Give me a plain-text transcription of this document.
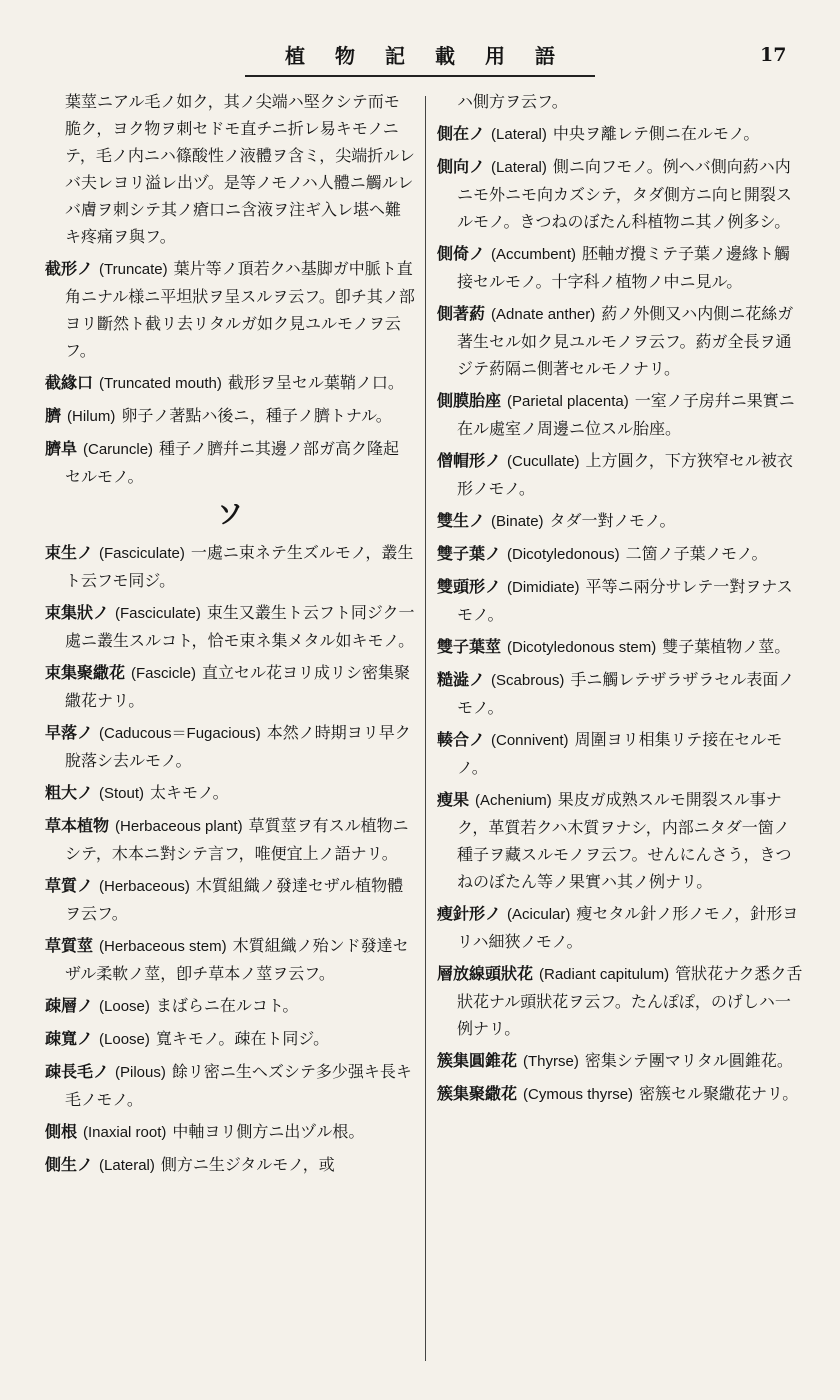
植物記載用語	17

葉莖ニアル毛ノ如ク，其ノ尖端ハ堅クシテ而モ脆ク，ヨク物ヲ刺セドモ直チニ折レ易キモノニテ，毛ノ内ニハ篠酸性ノ液體ヲ含ミ，尖端折ルレバ夫レヨリ溢レ出ヅ。是等ノモノハ人體ニ觸ルレバ膚ヲ刺シテ其ノ瘡口ニ含液ヲ注ギ入レ堪ヘ難キ疼痛ヲ與フ。

截形ノ (Truncate) 葉片等ノ頂若クハ基脚ガ中脈ト直角ニナル様ニ平坦狀ヲ呈スルヲ云フ。卽チ其ノ部ヨリ斷然ト截リ去リタルガ如ク見ユルモノヲ云フ。

截緣口 (Truncated mouth) 截形ヲ呈セル葉鞘ノ口。

臍 (Hilum) 卵子ノ著點ハ後ニ，種子ノ臍トナル。

臍阜 (Caruncle) 種子ノ臍幷ニ其邊ノ部ガ高ク隆起セルモノ。

ソ

束生ノ (Fasciculate) 一處ニ束ネテ生ズルモノ，叢生ト云フモ同ジ。

束集狀ノ (Fasciculate) 束生又叢生ト云フト同ジク一處ニ叢生スルコト，恰モ束ネ集メタル如キモノ。

束集聚繖花 (Fascicle) 直立セル花ヨリ成リシ密集聚繖花ナリ。

早落ノ (Caducous＝Fugacious) 本然ノ時期ヨリ早ク脫落シ去ルモノ。

粗大ノ (Stout) 太キモノ。

草本植物 (Herbaceous plant) 草質莖ヲ有スル植物ニシテ，木本ニ對シテ言フ，唯便宜上ノ語ナリ。

草質ノ (Herbaceous) 木質組織ノ發達セザル植物體ヲ云フ。

草質莖 (Herbaceous stem) 木質組織ノ殆ンド發達セザル柔軟ノ莖，卽チ草本ノ莖ヲ云フ。

疎層ノ (Loose) まばらニ在ルコト。

疎寬ノ (Loose) 寬キモノ。疎在ト同ジ。

疎長毛ノ (Pilous) 餘リ密ニ生ヘズシテ多少强キ長キ毛ノモノ。

側根 (Inaxial root) 中軸ヨリ側方ニ出ヅル根。

側生ノ (Lateral) 側方ニ生ジタルモノ，或

ハ側方ヲ云フ。

側在ノ (Lateral) 中央ヲ離レテ側ニ在ルモノ。

側向ノ (Lateral) 側ニ向フモノ。例ヘバ側向葯ハ内ニモ外ニモ向カズシテ，タダ側方ニ向ヒ開裂スルモノ。きつねのぼたん科植物ニ其ノ例多シ。

側倚ノ (Accumbent) 胚軸ガ攪ミテ子葉ノ邊緣ト觸接セルモノ。十字科ノ植物ノ中ニ見ル。

側著葯 (Adnate anther) 葯ノ外側又ハ内側ニ花絲ガ著生セル如ク見ユルモノヲ云フ。葯ガ全長ヲ通ジテ葯隔ニ側著セルモノナリ。

側膜胎座 (Parietal placenta) 一室ノ子房幷ニ果實ニ在ル處室ノ周邊ニ位スル胎座。

僧帽形ノ (Cucullate) 上方圓ク，下方狹窄セル被衣形ノモノ。

雙生ノ (Binate) タダ一對ノモノ。

雙子葉ノ (Dicotyledonous) 二箇ノ子葉ノモノ。

雙頭形ノ (Dimidiate) 平等ニ兩分サレテ一對ヲナスモノ。

雙子葉莖 (Dicotyledonous stem) 雙子葉植物ノ莖。

糙澁ノ (Scabrous) 手ニ觸レテザラザラセル表面ノモノ。

輳合ノ (Connivent) 周圍ヨリ相集リテ接在セルモノ。

瘦果 (Achenium) 果皮ガ成熟スルモ開裂スル事ナク，革質若クハ木質ヲナシ，内部ニタダ一箇ノ種子ヲ藏スルモノヲ云フ。せんにんさう，きつねのぼたん等ノ果實ハ其ノ例ナリ。

瘦針形ノ (Acicular) 瘦セタル針ノ形ノモノ，針形ヨリハ細狹ノモノ。

層放線頭狀花 (Radiant capitulum) 管狀花ナク悉ク舌狀花ナル頭狀花ヲ云フ。たんぽぽ，のげしハ一例ナリ。

簇集圓錐花 (Thyrse) 密集シテ團マリタル圓錐花。

簇集聚繖花 (Cymous thyrse) 密簇セル聚繖花ナリ。
